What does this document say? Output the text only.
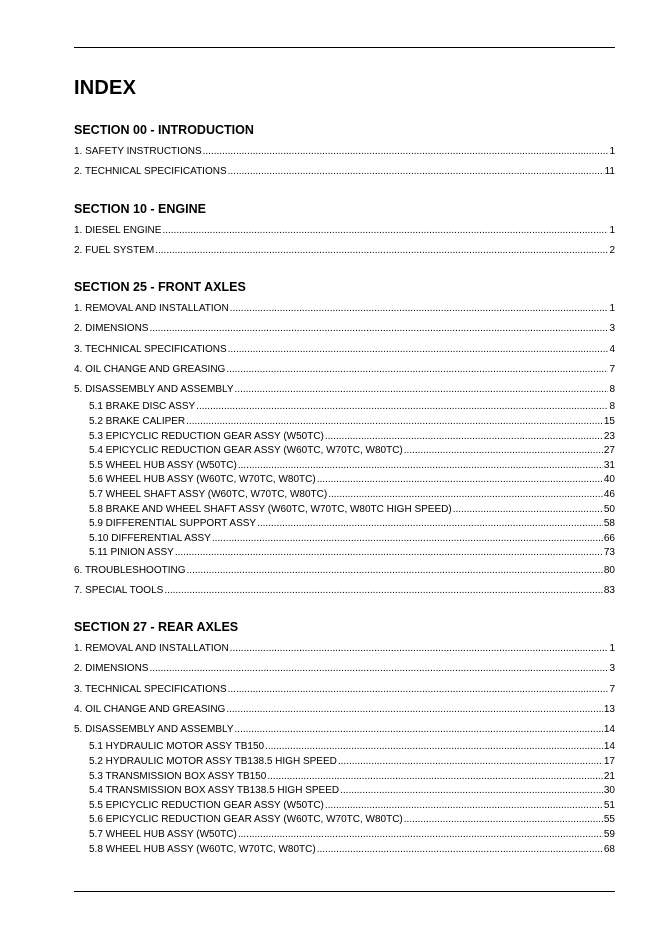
INDEX
SECTION 00 - INTRODUCTION
1. SAFETY INSTRUCTIONS .....	1
2. TECHNICAL SPECIFICATIONS .....	11
SECTION 10 - ENGINE
1. DIESEL ENGINE .....	1
2. FUEL SYSTEM .....	2
SECTION 25 - FRONT AXLES
1. REMOVAL AND INSTALLATION .....	1
2. DIMENSIONS .....	3
3. TECHNICAL SPECIFICATIONS .....	4
4. OIL CHANGE AND GREASING .....	7
5. DISASSEMBLY AND ASSEMBLY .....	8
5.1 BRAKE DISC ASSY .....	8
5.2 BRAKE CALIPER .....	15
5.3 EPICYCLIC REDUCTION GEAR ASSY (W50TC) .....	23
5.4 EPICYCLIC REDUCTION GEAR ASSY (W60TC, W70TC, W80TC) .....	27
5.5 WHEEL HUB ASSY (W50TC) .....	31
5.6 WHEEL HUB ASSY (W60TC, W70TC, W80TC) .....	40
5.7 WHEEL SHAFT ASSY (W60TC, W70TC, W80TC) .....	46
5.8 BRAKE AND WHEEL SHAFT ASSY (W60TC, W70TC, W80TC HIGH SPEED) .....	50
5.9 DIFFERENTIAL SUPPORT ASSY .....	58
5.10 DIFFERENTIAL ASSY .....	66
5.11 PINION ASSY .....	73
6. TROUBLESHOOTING .....	80
7. SPECIAL TOOLS .....	83
SECTION 27 - REAR AXLES
1. REMOVAL AND INSTALLATION .....	1
2. DIMENSIONS .....	3
3. TECHNICAL SPECIFICATIONS .....	7
4. OIL CHANGE AND GREASING .....	13
5. DISASSEMBLY AND ASSEMBLY .....	14
5.1 HYDRAULIC MOTOR ASSY TB150 .....	14
5.2 HYDRAULIC MOTOR ASSY TB138.5 HIGH SPEED .....	17
5.3 TRANSMISSION BOX ASSY TB150 .....	21
5.4 TRANSMISSION BOX ASSY TB138.5 HIGH SPEED .....	30
5.5 EPICYCLIC REDUCTION GEAR ASSY (W50TC) .....	51
5.6 EPICYCLIC REDUCTION GEAR ASSY (W60TC, W70TC, W80TC) .....	55
5.7 WHEEL HUB ASSY (W50TC) .....	59
5.8 WHEEL HUB ASSY (W60TC, W70TC, W80TC) .....	68
